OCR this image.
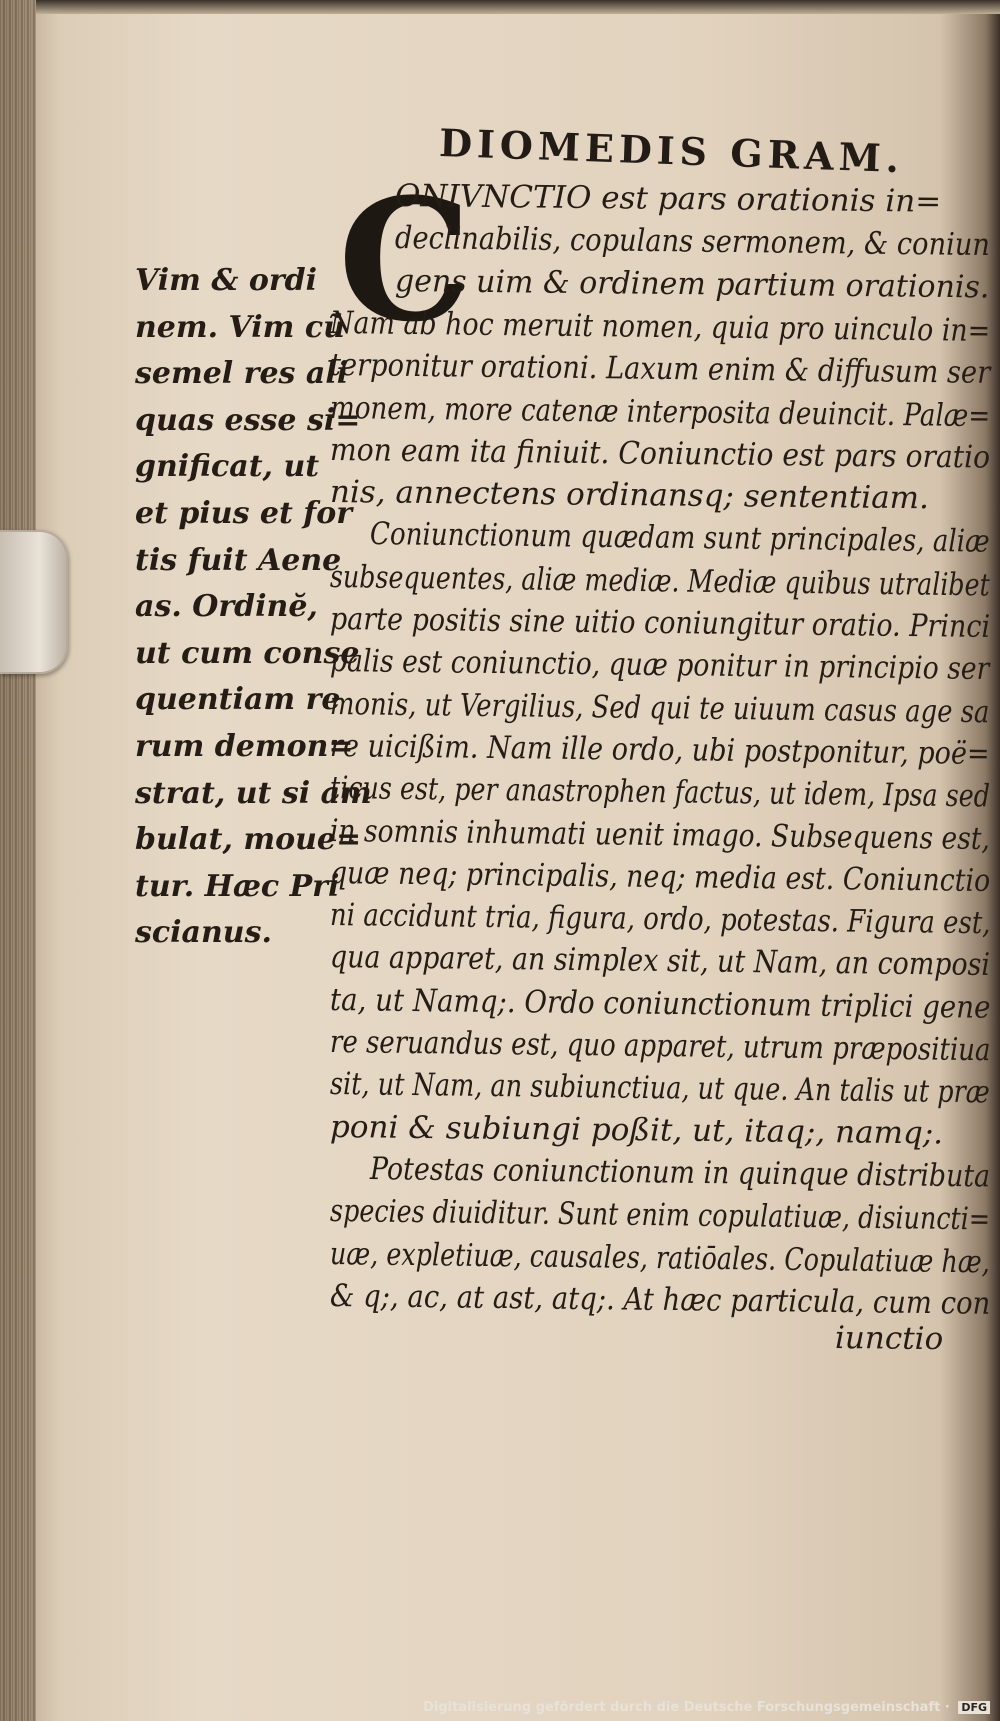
DIOMEDIS GRAM.
C
Vim & ordi
nem. Vim cũ
semel res ali
quas esse si=
gnificat, ut
et pius et for
tis fuit Aene
as. Ordinĕ,
ut cum conse
quentiam re
rum demon=
strat, ut si am
bulat, moue=
tur. Hæc Pri
scianus.
ONIVNCTIO est pars orationis in=
declinabilis, copulans sermonem, & coniun
gens uim & ordinem partium orationis.
Nam ab hoc meruit nomen, quia pro uinculo in=
terponitur orationi. Laxum enim & diffusum ser
monem, more catenæ interposita deuincit. Palæ=
mon eam ita finiuit. Coniunctio est pars oratio
nis, annectens ordinansq; sententiam.
Coniunctionum quædam sunt principales, aliæ
subsequentes, aliæ mediæ. Mediæ quibus utralibet
parte positis sine uitio coniungitur oratio. Princi
palis est coniunctio, quæ ponitur in principio ser
monis, ut Vergilius, Sed qui te uiuum casus age sa
re uicißim. Nam ille ordo, ubi postponitur, poë=
ticus est, per anastrophen factus, ut idem, Ipsa sed
in somnis inhumati uenit imago. Subsequens est,
quæ neq; principalis, neq; media est. Coniunctio
ni accidunt tria, figura, ordo, potestas. Figura est,
qua apparet, an simplex sit, ut Nam, an composi
ta, ut Namq;. Ordo coniunctionum triplici gene
re seruandus est, quo apparet, utrum præpositiua
sit, ut Nam, an subiunctiua, ut que. An talis ut præ
poni & subiungi poßit, ut, itaq;, namq;.
Potestas coniunctionum in quinque distributa
species diuiditur. Sunt enim copulatiuæ, disiuncti=
uæ, expletiuæ, causales, ratiōales. Copulatiuæ hæ,
& q;, ac, at ast, atq;. At hæc particula, cum con
iunctio
Digitalisierung gefördert durch die Deutsche Forschungsgemeinschaft · DFG
